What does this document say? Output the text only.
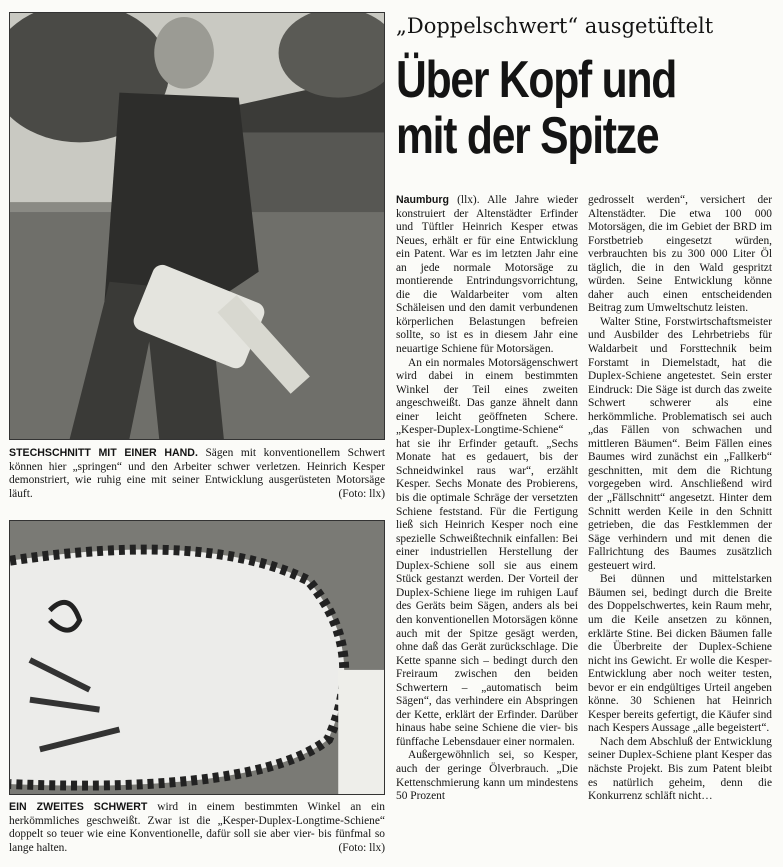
STECHSCHNITT MIT EINER HAND. Sägen mit konventionellem Schwert können hier „springen“ und den Arbeiter schwer verletzen. Heinrich Kesper demonstriert, wie ruhig eine mit seiner Entwicklung ausgerüsteten Motorsäge läuft.	(Foto: llx)

EIN ZWEITES SCHWERT wird in einem bestimmten Winkel an ein herkömmliches geschweißt. Zwar ist die „Kesper-Duplex-Longtime-Schiene“ doppelt so teuer wie eine Konventionelle, dafür soll sie aber vier- bis fünfmal so lange halten.	(Foto: llx)

„Doppelschwert“ ausgetüftelt

Über Kopf und

mit der Spitze

Naumburg (llx). Alle Jahre wieder konstruiert der Altenstädter Erfinder und Tüftler Heinrich Kesper etwas Neues, erhält er für eine Entwicklung ein Patent. War es im letzten Jahr eine an jede normale Motorsäge zu montierende Entrindungsvorrichtung, die die Waldarbeiter vom alten Schäleisen und den damit verbundenen körperlichen Belastungen befreien sollte, so ist es in diesem Jahr eine neuartige Schiene für Motorsägen.

An ein normales Motorsägenschwert wird dabei in einem bestimmten Winkel der Teil eines zweiten angeschweißt. Das ganze ähnelt dann einer leicht geöffneten Schere. „Kesper-Duplex-Longtime-Schiene“ hat sie ihr Erfinder getauft. „Sechs Monate hat es gedauert, bis der Schneidwinkel raus war“, erzählt Kesper. Sechs Monate des Probierens, bis die optimale Schräge der versetzten Schiene feststand. Für die Fertigung ließ sich Heinrich Kesper noch eine spezielle Schweißtechnik einfallen: Bei einer industriellen Herstellung der Duplex-Schiene soll sie aus einem Stück gestanzt werden. Der Vorteil der Duplex-Schiene liege im ruhigen Lauf des Geräts beim Sägen, anders als bei den konventionellen Motorsägen könne auch mit der Spitze gesägt werden, ohne daß das Gerät zurückschlage. Die Kette spanne sich – bedingt durch den Freiraum zwischen den beiden Schwertern – „automatisch beim Sägen“, das verhindere ein Abspringen der Kette, erklärt der Erfinder. Darüber hinaus habe seine Schiene die vier- bis fünffache Lebensdauer einer normalen.

Außergewöhnlich sei, so Kesper, auch der geringe Ölverbrauch. „Die Kettenschmierung kann um mindestens 50 Prozent

gedrosselt werden“, versichert der Altenstädter. Die etwa 100 000 Motorsägen, die im Gebiet der BRD im Forstbetrieb eingesetzt würden, verbrauchten bis zu 300 000 Liter Öl täglich, die in den Wald gespritzt würden. Seine Entwicklung könne daher auch einen entscheidenden Beitrag zum Umweltschutz leisten.

Walter Stine, Forstwirtschaftsmeister und Ausbilder des Lehrbetriebs für Waldarbeit und Forsttechnik beim Forstamt in Diemelstadt, hat die Duplex-Schiene angetestet. Sein erster Eindruck: Die Säge ist durch das zweite Schwert schwerer als eine herkömmliche. Problematisch sei auch „das Fällen von schwachen und mittleren Bäumen“. Beim Fällen eines Baumes wird zunächst ein „Fallkerb“ geschnitten, mit dem die Richtung vorgegeben wird. Anschließend wird der „Fällschnitt“ angesetzt. Hinter dem Schnitt werden Keile in den Schnitt getrieben, die das Festklemmen der Säge verhindern und mit denen die Fallrichtung des Baumes zusätzlich gesteuert wird.

Bei dünnen und mittelstarken Bäumen sei, bedingt durch die Breite des Doppelschwertes, kein Raum mehr, um die Keile ansetzen zu können, erklärte Stine. Bei dicken Bäumen falle die Überbreite der Duplex-Schiene nicht ins Gewicht. Er wolle die Kesper-Entwicklung aber noch weiter testen, bevor er ein endgültiges Urteil angeben könne. 30 Schienen hat Heinrich Kesper bereits gefertigt, die Käufer sind nach Kespers Aussage „alle begeistert“.

Nach dem Abschluß der Entwicklung seiner Duplex-Schiene plant Kesper das nächste Projekt. Bis zum Patent bleibt es natürlich geheim, denn die Konkurrenz schläft nicht…
